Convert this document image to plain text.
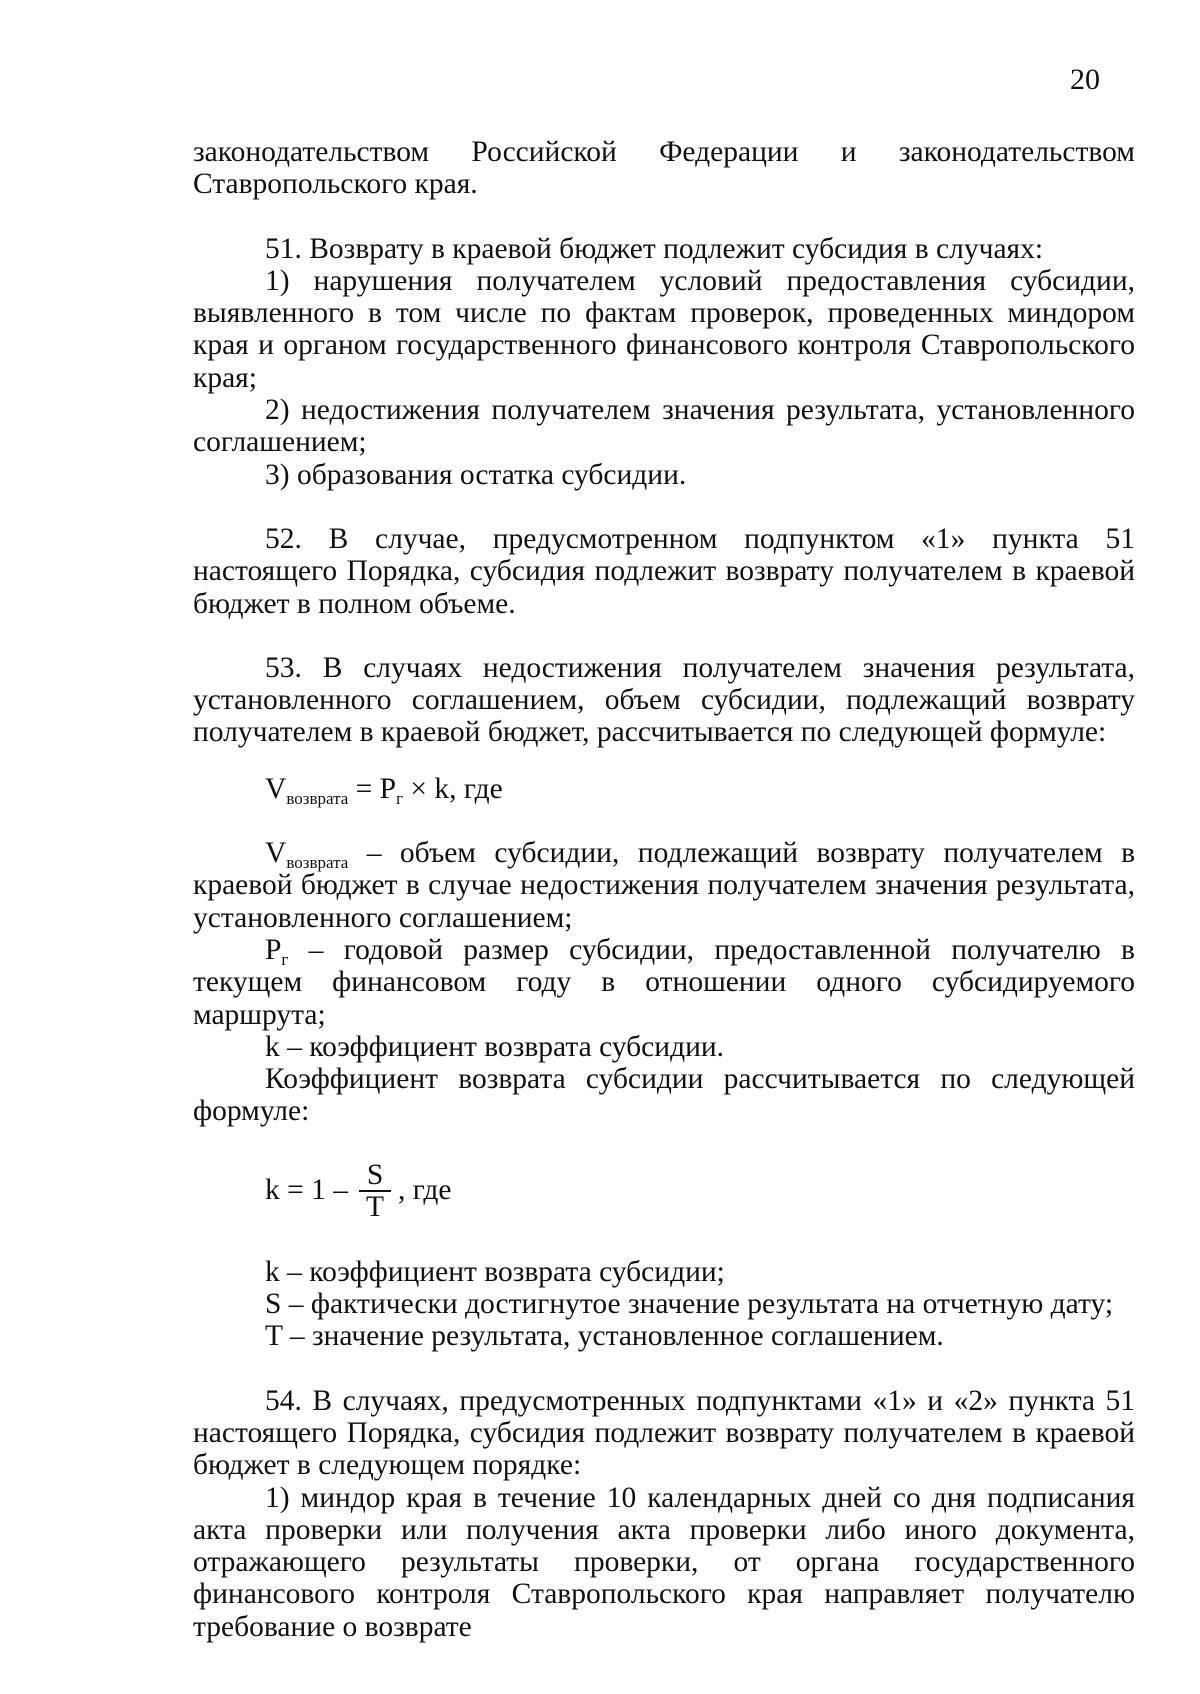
20
законодательством Российской Федерации и законодательством

Ставропольского края.

51. Возврату в краевой бюджет подлежит субсидия в случаях:

1) нарушения получателем условий предоставления субсидии, выявленного в том числе по фактам проверок, проведенных миндором края и органом государственного финансового контроля Ставропольского края;

2) недостижения получателем значения результата, установленного соглашением;

3) образования остатка субсидии.

52. В случае, предусмотренном подпунктом «1» пункта 51 настоящего Порядка, субсидия подлежит возврату получателем в краевой бюджет в полном объеме.

53. В случаях недостижения получателем значения результата, установленного соглашением, объем субсидии, подлежащий возврату получателем в краевой бюджет, рассчитывается по следующей формуле:

$V_{возврата} = P_г \times k$, где

$V_{возврата}$ – объем субсидии, подлежащий возврату получателем в краевой бюджет в случае недостижения получателем значения результата, установленного соглашением;

$P_г$ – годовой размер субсидии, предоставленной получателю в текущем финансовом году в отношении одного субсидируемого маршрута;

k – коэффициент возврата субсидии.

Коэффициент возврата субсидии рассчитывается по следующей формуле:

$k = 1 - \frac{S}{T}$ , где

k – коэффициент возврата субсидии;

S – фактически достигнутое значение результата на отчетную дату;

T – значение результата, установленное соглашением.

54. В случаях, предусмотренных подпунктами «1» и «2» пункта 51 настоящего Порядка, субсидия подлежит возврату получателем в краевой бюджет в следующем порядке:

1) миндор края в течение 10 календарных дней со дня подписания акта проверки или получения акта проверки либо иного документа, отражающего результаты проверки, от органа государственного финансового контроля Ставропольского края направляет получателю требование о возврате
